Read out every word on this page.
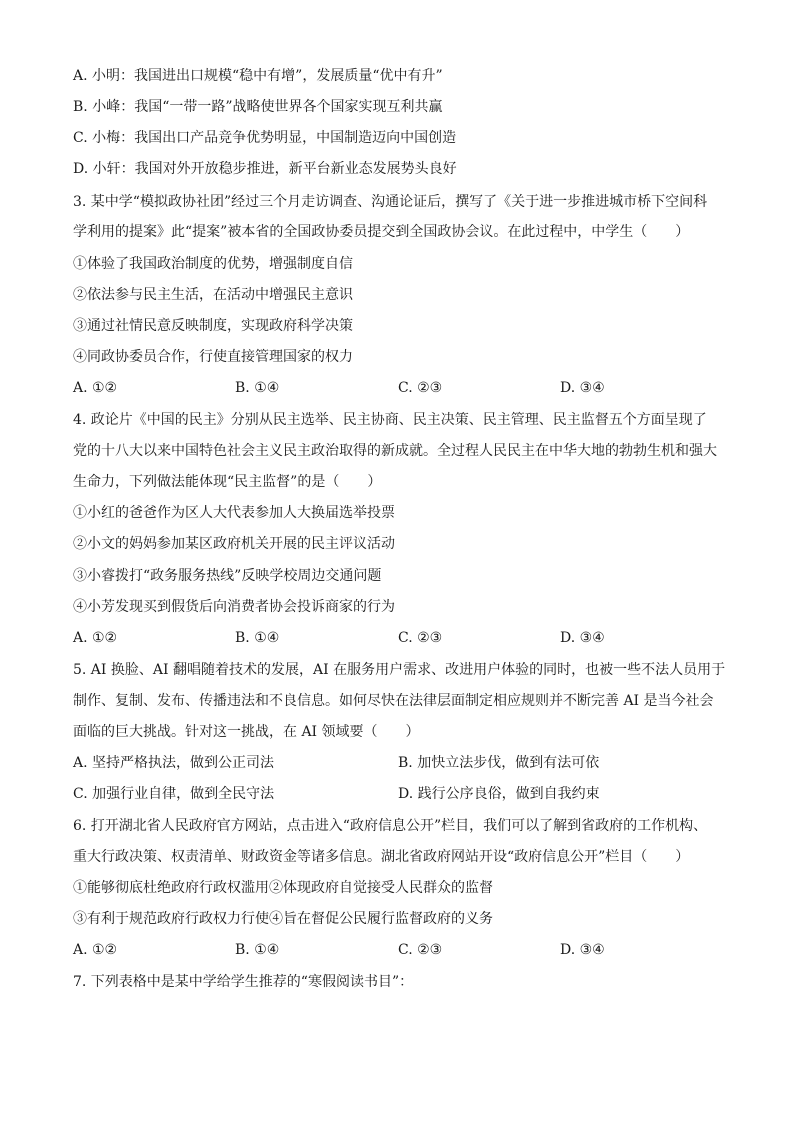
A. 小明：我国进出口规模“稳中有增”，发展质量“优中有升”
B. 小峰：我国“一带一路”战略使世界各个国家实现互利共赢
C. 小梅：我国出口产品竞争优势明显，中国制造迈向中国创造
D. 小轩：我国对外开放稳步推进，新平台新业态发展势头良好
3. 某中学“模拟政协社团”经过三个月走访调查、沟通论证后，撰写了《关于进一步推进城市桥下空间科
学利用的提案》此“提案”被本省的全国政协委员提交到全国政协会议。在此过程中，中学生（　　）
①体验了我国政治制度的优势，增强制度自信
②依法参与民主生活，在活动中增强民主意识
③通过社情民意反映制度，实现政府科学决策
④同政协委员合作，行使直接管理国家的权力
A. ①②	B. ①④	C. ②③	D. ③④
4. 政论片《中国的民主》分别从民主选举、民主协商、民主决策、民主管理、民主监督五个方面呈现了
党的十八大以来中国特色社会主义民主政治取得的新成就。全过程人民民主在中华大地的勃勃生机和强大
生命力，下列做法能体现“民主监督”的是（　　）
①小红的爸爸作为区人大代表参加人大换届选举投票
②小文的妈妈参加某区政府机关开展的民主评议活动
③小睿拨打“政务服务热线”反映学校周边交通问题
④小芳发现买到假货后向消费者协会投诉商家的行为
A. ①②	B. ①④	C. ②③	D. ③④
5. AI 换脸、AI 翻唱随着技术的发展，AI 在服务用户需求、改进用户体验的同时，也被一些不法人员用于
制作、复制、发布、传播违法和不良信息。如何尽快在法律层面制定相应规则并不断完善 AI 是当今社会
面临的巨大挑战。针对这一挑战，在 AI 领域要（　　）
A. 坚持严格执法，做到公正司法	B. 加快立法步伐，做到有法可依
C. 加强行业自律，做到全民守法	D. 践行公序良俗，做到自我约束
6. 打开湖北省人民政府官方网站，点击进入“政府信息公开”栏目，我们可以了解到省政府的工作机构、
重大行政决策、权责清单、财政资金等诸多信息。湖北省政府网站开设“政府信息公开”栏目（　　）
①能够彻底杜绝政府行政权滥用②体现政府自觉接受人民群众的监督
③有利于规范政府行政权力行使④旨在督促公民履行监督政府的义务
A. ①②	B. ①④	C. ②③	D. ③④
7. 下列表格中是某中学给学生推荐的“寒假阅读书目”：
